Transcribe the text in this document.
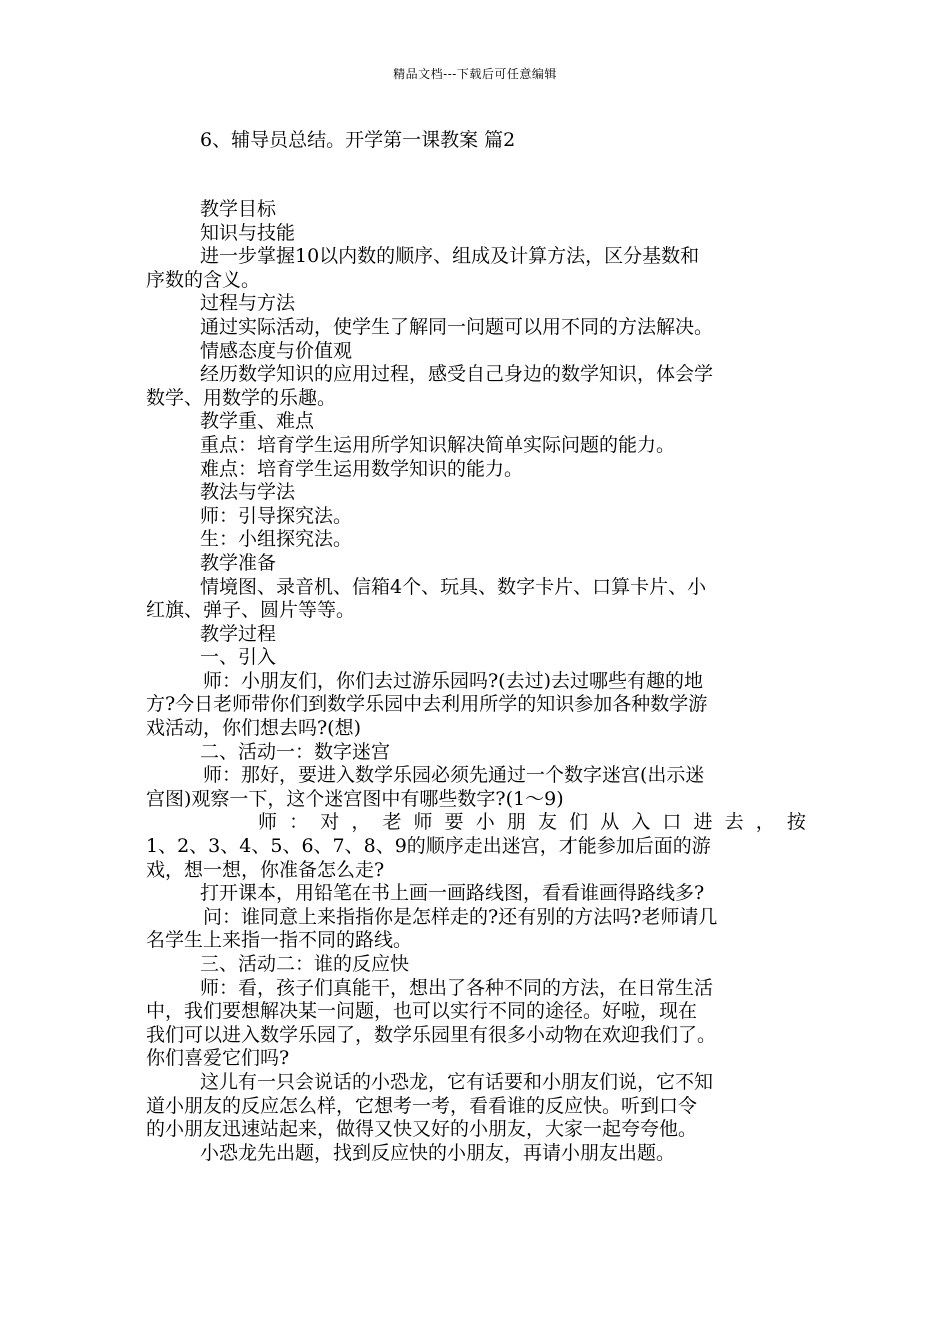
精品文档---下载后可任意编辑
6、辅导员总结。开学第一课教案 篇2
教学目标
知识与技能
进一步掌握10以内数的顺序、组成及计算方法，区分基数和
序数的含义。
过程与方法
通过实际活动，使学生了解同一问题可以用不同的方法解决。
情感态度与价值观
经历数学知识的应用过程，感受自己身边的数学知识，体会学
数学、用数学的乐趣。
教学重、难点
重点：培育学生运用所学知识解决简单实际问题的能力。
难点：培育学生运用数学知识的能力。
教法与学法
师：引导探究法。
生：小组探究法。
教学准备
情境图、录音机、信箱4个、玩具、数字卡片、口算卡片、小
红旗、弹子、圆片等等。
教学过程
一、引入
师：小朋友们，你们去过游乐园吗?(去过)去过哪些有趣的地
方?今日老师带你们到数学乐园中去利用所学的知识参加各种数学游
戏活动，你们想去吗?(想)
二、活动一：数字迷宫
师：那好，要进入数学乐园必须先通过一个数字迷宫(出示迷
宫图)观察一下，这个迷宫图中有哪些数字?(1～9)
师 ： 对 ， 老 师 要 小 朋 友 们 从 入 口 进 去 ， 按
1、2、3、4、5、6、7、8、9的顺序走出迷宫，才能参加后面的游
戏，想一想，你准备怎么走?
打开课本，用铅笔在书上画一画路线图，看看谁画得路线多?
问：谁同意上来指指你是怎样走的?还有别的方法吗?老师请几
名学生上来指一指不同的路线。
三、活动二：谁的反应快
师：看，孩子们真能干，想出了各种不同的方法，在日常生活
中，我们要想解决某一问题，也可以实行不同的途径。好啦，现在
我们可以进入数学乐园了，数学乐园里有很多小动物在欢迎我们了。
你们喜爱它们吗?
这儿有一只会说话的小恐龙，它有话要和小朋友们说，它不知
道小朋友的反应怎么样，它想考一考，看看谁的反应快。听到口令
的小朋友迅速站起来，做得又快又好的小朋友，大家一起夸夸他。
小恐龙先出题，找到反应快的小朋友，再请小朋友出题。
